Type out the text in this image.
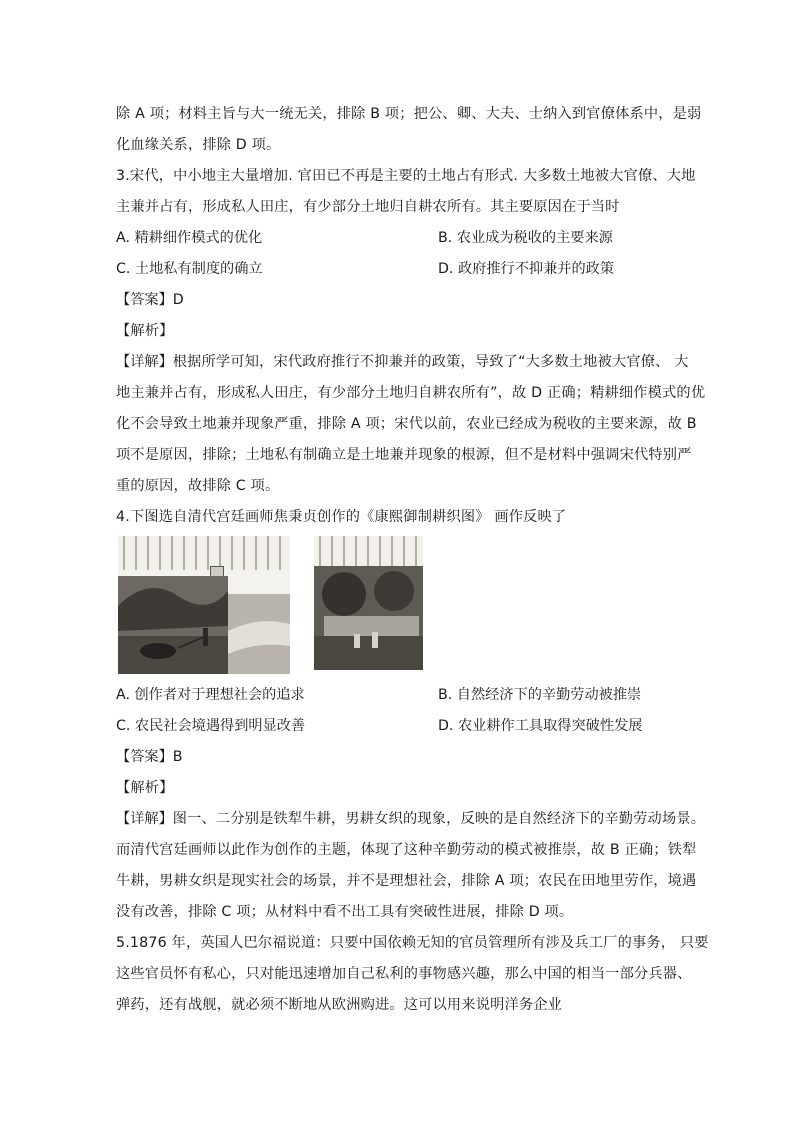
除 A 项；材料主旨与大一统无关，排除 B 项；把公、卿、大夫、士纳入到官僚体系中，是弱
化血缘关系，排除 D 项。
3.宋代，中小地主大量增加. 官田已不再是主要的土地占有形式. 大多数土地被大官僚、大地
主兼并占有，形成私人田庄，有少部分土地归自耕农所有。其主要原因在于当时
A. 精耕细作模式的优化	B. 农业成为税收的主要来源
C. 土地私有制度的确立	D. 政府推行不抑兼并的政策
【答案】D
【解析】
【详解】根据所学可知，宋代政府推行不抑兼并的政策，导致了“大多数土地被大官僚、 大
地主兼并占有，形成私人田庄，有少部分土地归自耕农所有”，故 D 正确；精耕细作模式的优
化不会导致土地兼并现象严重，排除 A 项；宋代以前，农业已经成为税收的主要来源，故 B
项不是原因，排除；土地私有制确立是土地兼并现象的根源，但不是材料中强调宋代特别严
重的原因，故排除 C 项。
4.下图选自清代宫廷画师焦秉贞创作的《康熙御制耕织图》 画作反映了
A. 创作者对于理想社会的追求	B. 自然经济下的辛勤劳动被推崇
C. 农民社会境遇得到明显改善	D. 农业耕作工具取得突破性发展
【答案】B
【解析】
【详解】图一、二分别是铁犁牛耕，男耕女织的现象，反映的是自然经济下的辛勤劳动场景。
而清代宫廷画师以此作为创作的主题，体现了这种辛勤劳动的模式被推崇，故 B 正确；铁犁
牛耕，男耕女织是现实社会的场景，并不是理想社会，排除 A 项；农民在田地里劳作，境遇
没有改善，排除 C 项；从材料中看不出工具有突破性进展，排除 D 项。
5.1876 年，英国人巴尔福说道：只要中国依赖无知的官员管理所有涉及兵工厂的事务， 只要
这些官员怀有私心，只对能迅速增加自己私利的事物感兴趣，那么中国的相当一部分兵器、
弹药，还有战舰，就必须不断地从欧洲购进。这可以用来说明洋务企业
